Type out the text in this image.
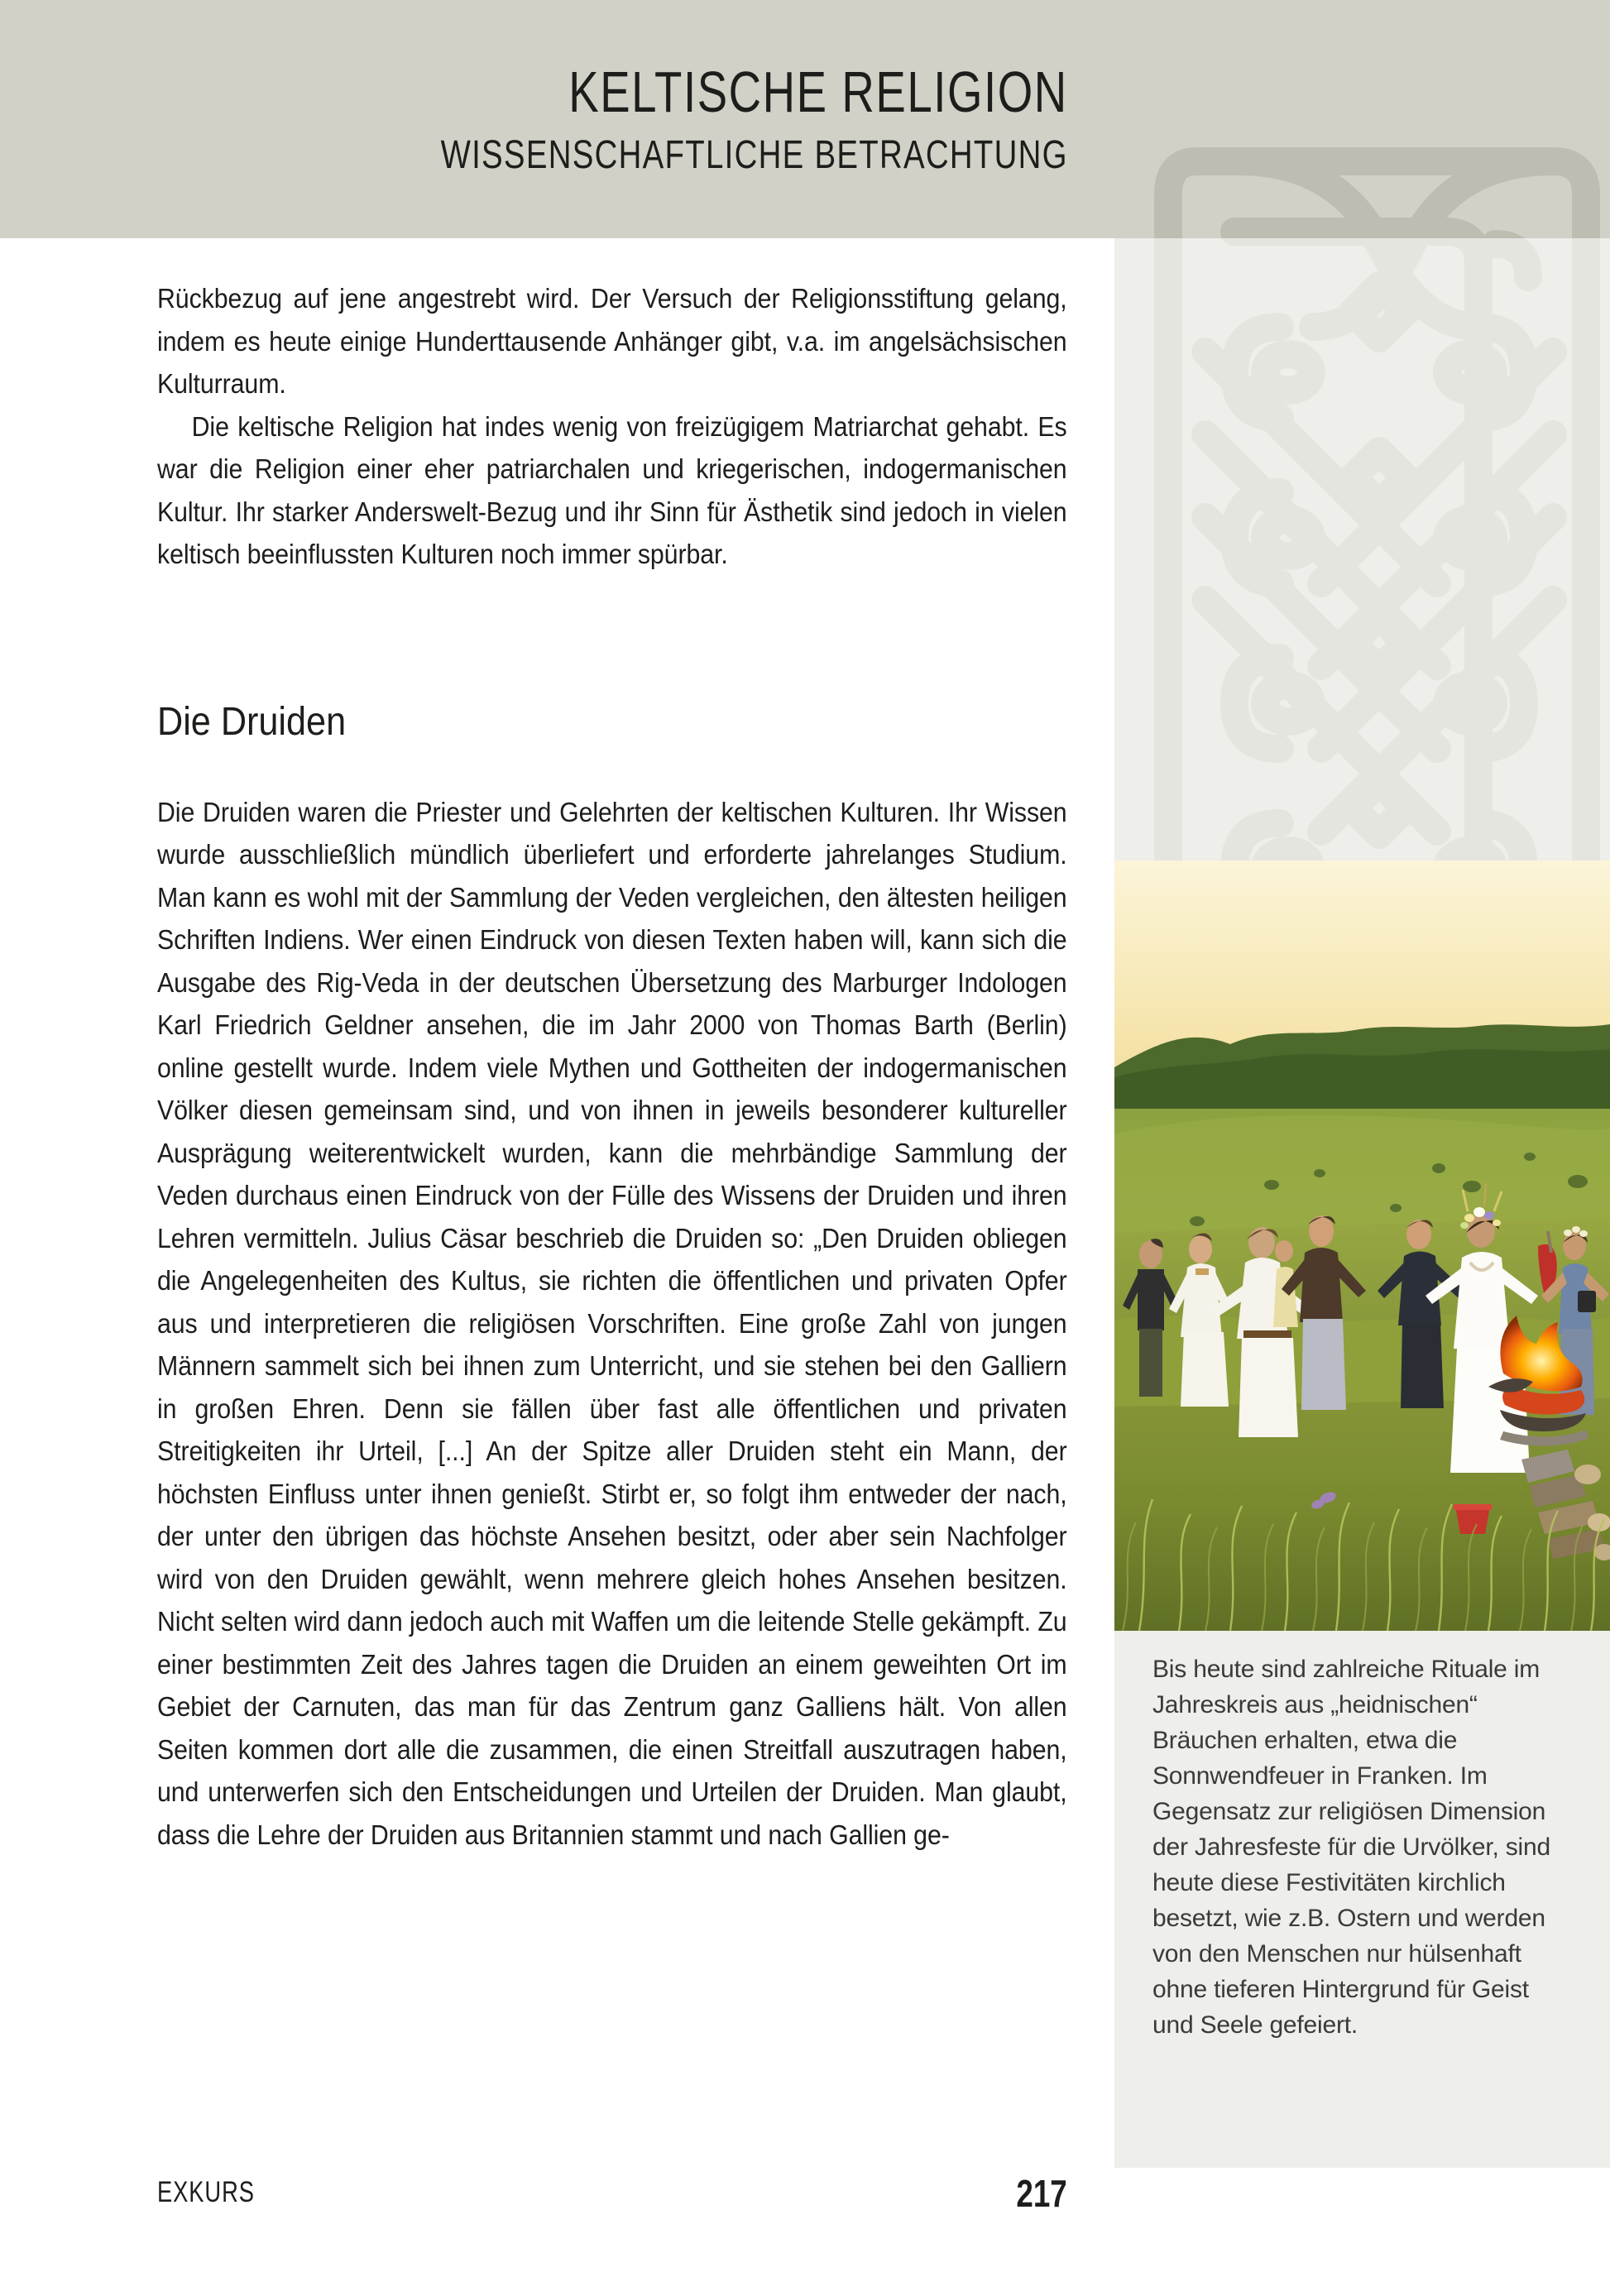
KELTISCHE RELIGION
WISSENSCHAFTLICHE BETRACHTUNG
Bis heute sind zahlreiche Rituale im Jahreskreis aus „heidnischen“ Bräuchen erhalten, etwa die Sonnwendfeuer in Franken. Im Gegensatz zur religiösen Dimension der Jahresfeste für die Urvölker, sind heute diese Festivitäten kirchlich besetzt, wie z.B. Ostern und werden von den Menschen nur hülsenhaft ohne tieferen Hintergrund für Geist und Seele gefeiert.

Rückbezug auf jene angestrebt wird. Der Versuch der Religionsstiftung gelang, indem es heute einige Hunderttausende Anhänger gibt, v.a. im angelsächsischen Kulturraum.

Die keltische Religion hat indes wenig von freizügigem Matriarchat gehabt. Es war die Religion einer eher patriarchalen und kriegerischen, indogermanischen Kultur. Ihr starker Anderswelt-Bezug und ihr Sinn für Ästhetik sind jedoch in vielen keltisch beeinflussten Kulturen noch immer spürbar.

Die Druiden

Die Druiden waren die Priester und Gelehrten der keltischen Kulturen. Ihr Wissen wurde ausschließlich mündlich überliefert und erforderte jahrelanges Studium. Man kann es wohl mit der Sammlung der Veden vergleichen, den ältesten heiligen Schriften Indiens. Wer einen Eindruck von diesen Texten haben will, kann sich die Ausgabe des Rig-Veda in der deutschen Übersetzung des Marburger Indologen Karl Friedrich Geldner ansehen, die im Jahr 2000 von Thomas Barth (Berlin) online gestellt wurde. Indem viele Mythen und Gottheiten der indogermanischen Völker diesen gemeinsam sind, und von ihnen in jeweils besonderer kultureller Ausprägung weiterentwickelt wurden, kann die mehrbändige Sammlung der Veden durchaus einen Eindruck von der Fülle des Wissens der Druiden und ihren Lehren vermitteln. Julius Cäsar beschrieb die Druiden so: „Den Druiden obliegen die Angelegenheiten des Kultus, sie richten die öffentlichen und privaten Opfer aus und interpretieren die religiösen Vorschriften. Eine große Zahl von jungen Männern sammelt sich bei ihnen zum Unterricht, und sie stehen bei den Galliern in großen Ehren. Denn sie fällen über fast alle öffentlichen und privaten Streitigkeiten ihr Urteil, [...] An der Spitze aller Druiden steht ein Mann, der höchsten Einfluss unter ihnen genießt. Stirbt er, so folgt ihm entweder der nach, der unter den übrigen das höchste Ansehen besitzt, oder aber sein Nachfolger wird von den Druiden gewählt, wenn mehrere gleich hohes Ansehen besitzen. Nicht selten wird dann jedoch auch mit Waffen um die leitende Stelle gekämpft. Zu einer bestimmten Zeit des Jahres tagen die Druiden an einem geweihten Ort im Gebiet der Carnuten, das man für das Zentrum ganz Galliens hält. Von allen Seiten kommen dort alle die zusammen, die einen Streitfall auszutragen haben, und unterwerfen sich den Entscheidungen und Urteilen der Druiden. Man glaubt, dass die Lehre der Druiden aus Britannien stammt und nach Gallien ge-

EXKURS	217
